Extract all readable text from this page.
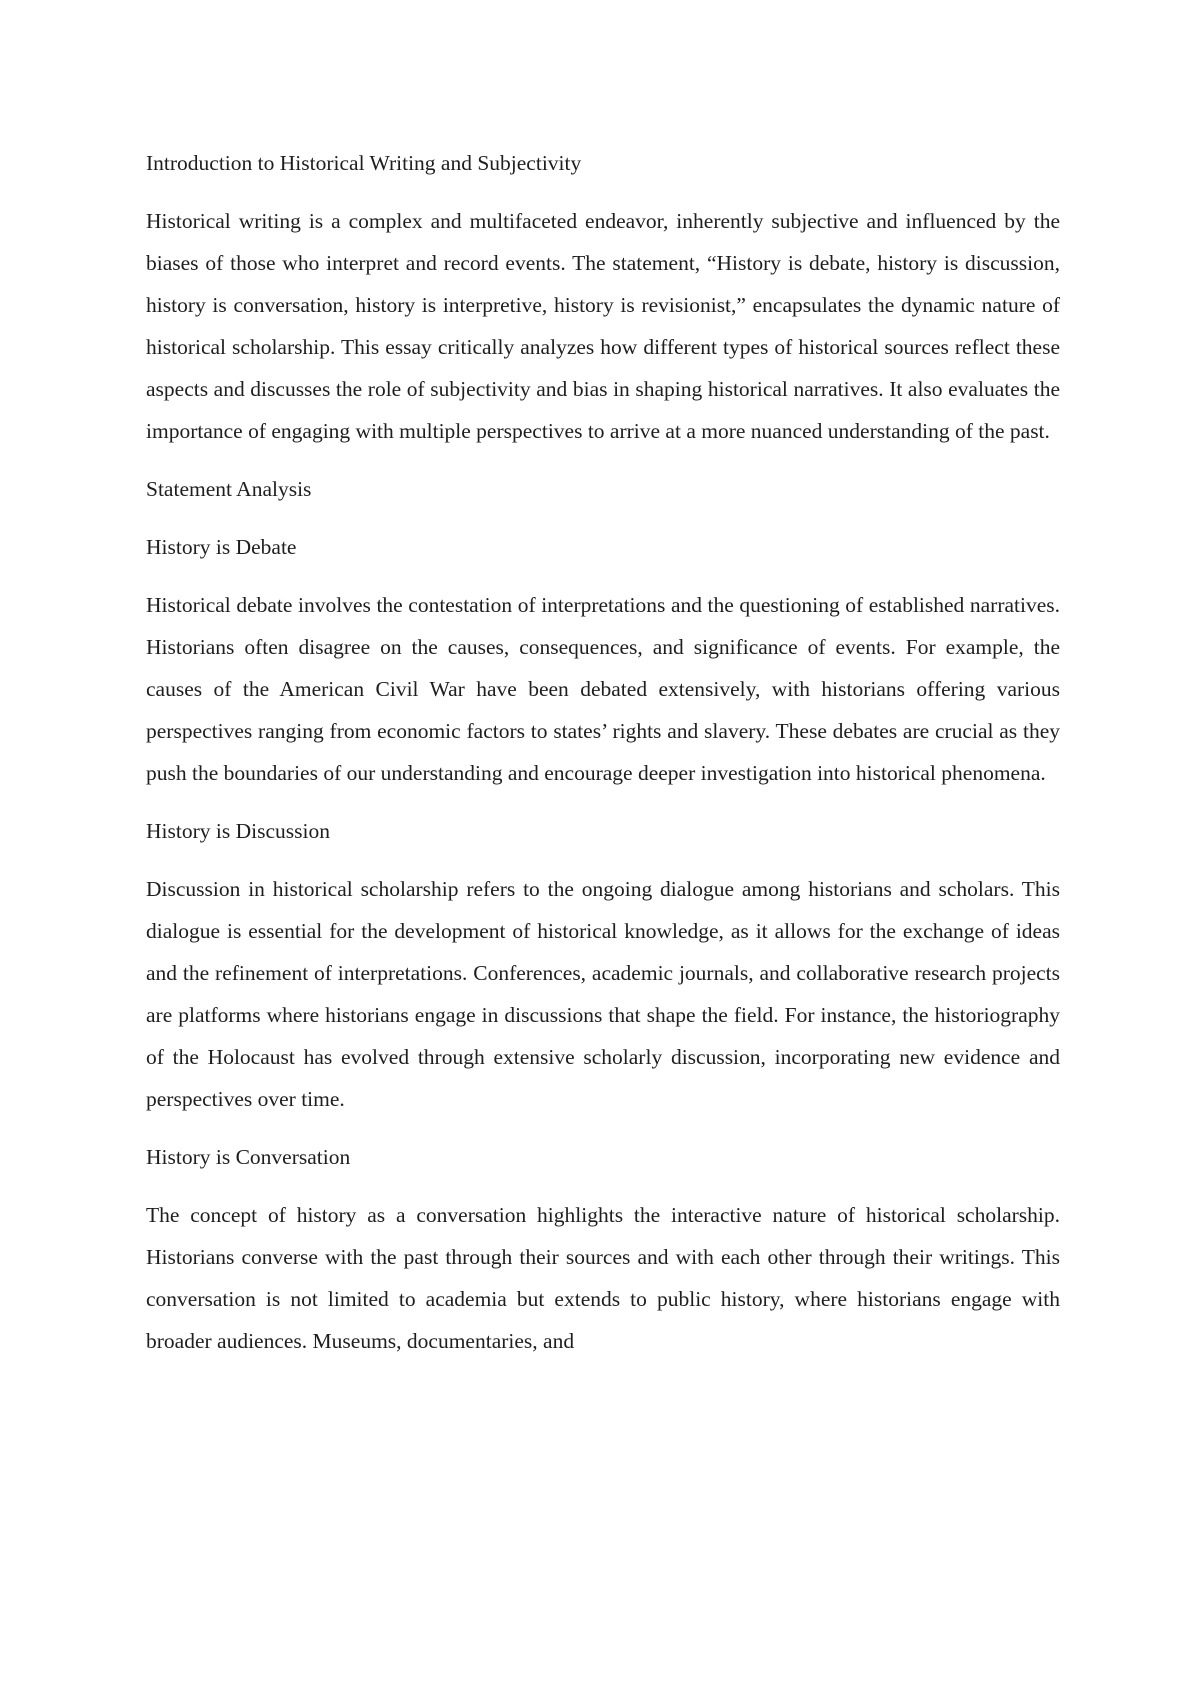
Introduction to Historical Writing and Subjectivity

Historical writing is a complex and multifaceted endeavor, inherently subjective and influenced by the biases of those who interpret and record events. The statement, “History is debate, history is discussion, history is conversation, history is interpretive, history is revisionist,” encapsulates the dynamic nature of historical scholarship. This essay critically analyzes how different types of historical sources reflect these aspects and discusses the role of subjectivity and bias in shaping historical narratives. It also evaluates the importance of engaging with multiple perspectives to arrive at a more nuanced understanding of the past.

Statement Analysis

History is Debate

Historical debate involves the contestation of interpretations and the questioning of established narratives. Historians often disagree on the causes, consequences, and significance of events. For example, the causes of the American Civil War have been debated extensively, with historians offering various perspectives ranging from economic factors to states’ rights and slavery. These debates are crucial as they push the boundaries of our understanding and encourage deeper investigation into historical phenomena.

History is Discussion

Discussion in historical scholarship refers to the ongoing dialogue among historians and scholars. This dialogue is essential for the development of historical knowledge, as it allows for the exchange of ideas and the refinement of interpretations. Conferences, academic journals, and collaborative research projects are platforms where historians engage in discussions that shape the field. For instance, the historiography of the Holocaust has evolved through extensive scholarly discussion, incorporating new evidence and perspectives over time.

History is Conversation

The concept of history as a conversation highlights the interactive nature of historical scholarship. Historians converse with the past through their sources and with each other through their writings. This conversation is not limited to academia but extends to public history, where historians engage with broader audiences. Museums, documentaries, and
